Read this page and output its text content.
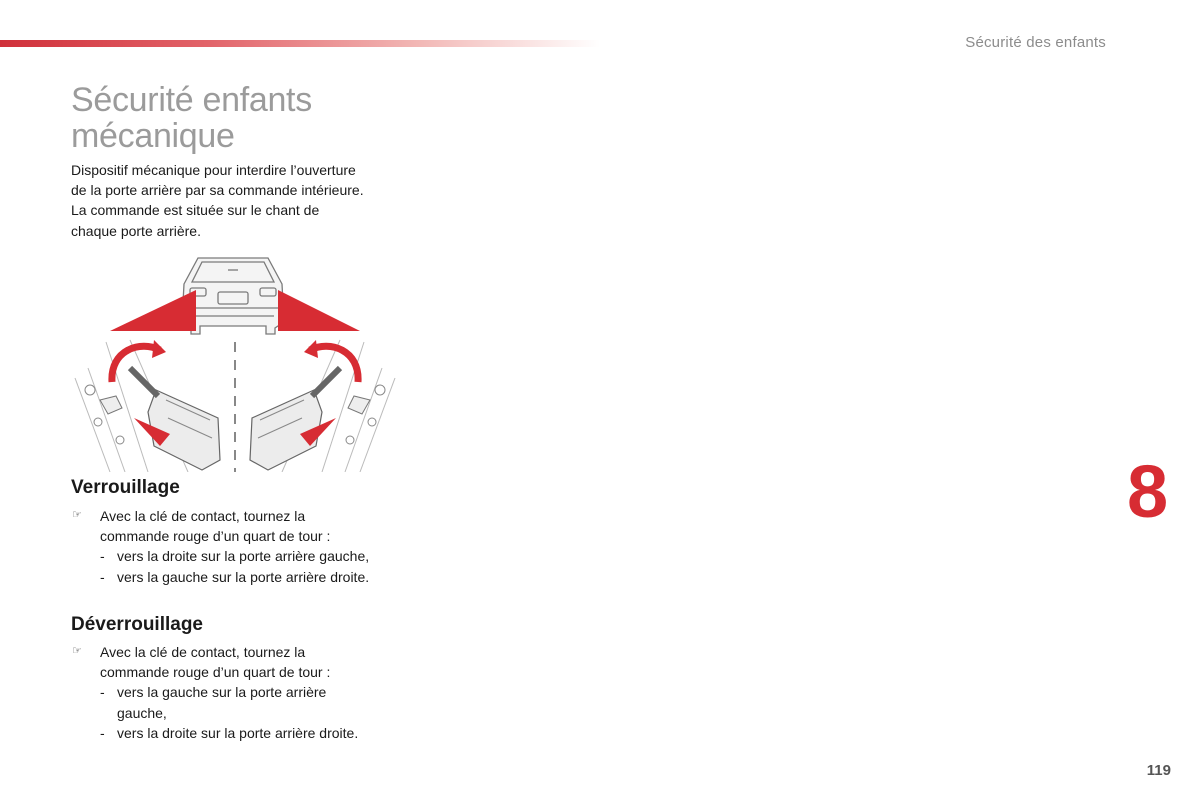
Sécurité des enfants
Sécurité enfants
mécanique
Dispositif mécanique pour interdire l’ouverture
de la porte arrière par sa commande intérieure.
La commande est située sur le chant de
chaque porte arrière.
Verrouillage
☞ Avec la clé de contact, tournez la
commande rouge d’un quart de tour :
- vers la droite sur la porte arrière gauche,
- vers la gauche sur la porte arrière droite.
Déverrouillage
☞ Avec la clé de contact, tournez la
commande rouge d’un quart de tour :
- vers la gauche sur la porte arrière
gauche,
- vers la droite sur la porte arrière droite.
8
119
